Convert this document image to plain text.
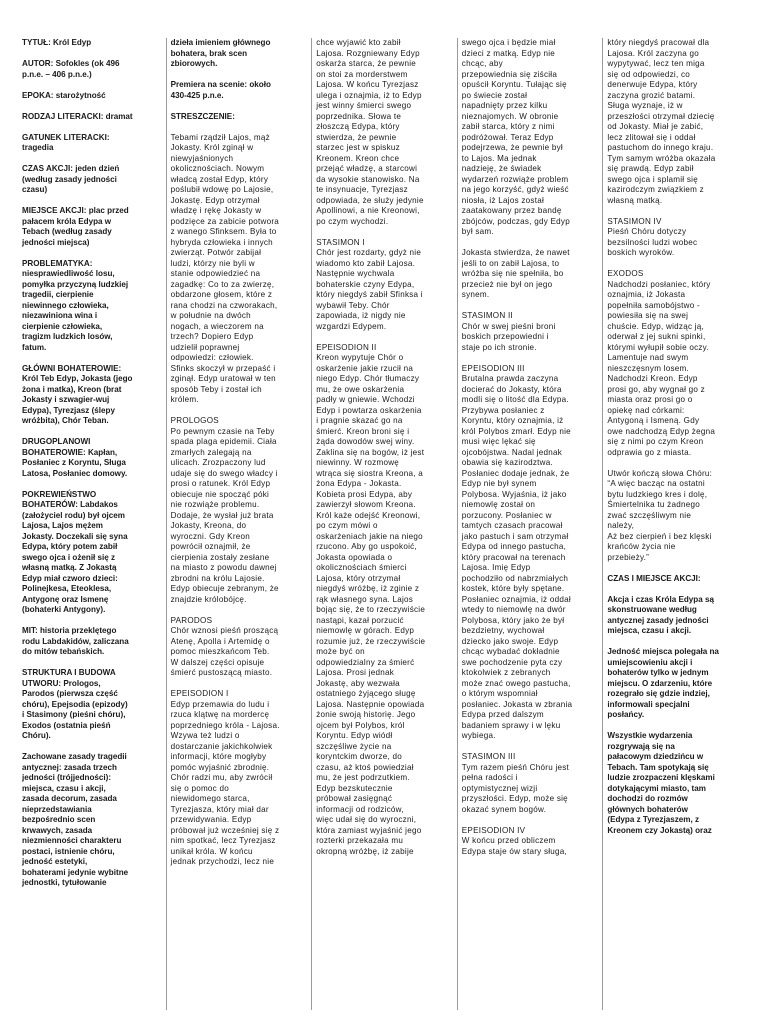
TYTUŁ: Król Edyp

AUTOR: Sofokles (ok 496
p.n.e. – 406 p.n.e.)

EPOKA: starożytność

RODZAJ LITERACKI: dramat

GATUNEK LITERACKI:
tragedia

CZAS AKCJI: jeden dzień
(według zasady jedności
czasu)

MIEJSCE AKCJI: plac przed
pałacem króla Edypa w
Tebach (według zasady
jedności miejsca)

PROBLEMATYKA:
niesprawiedliwość losu,
pomyłka przyczyną ludzkiej
tragedii, cierpienie
niewinnego człowieka,
niezawiniona wina i
cierpienie człowieka,
tragizm ludzkich losów,
fatum.

GŁÓWNI BOHATEROWIE:
Król Teb Edyp, Jokasta (jego
żona i matka), Kreon (brat
Jokasty i szwagier-wuj
Edypa), Tyrezjasz (ślepy
wróżbita), Chór Teban.

DRUGOPLANOWI
BOHATEROWIE: Kapłan,
Posłaniec z Koryntu, Sługa
Latosa, Posłaniec domowy.

POKREWIEŃSTWO
BOHATERÓW: Labdakos
(założyciel rodu) był ojcem
Lajosa, Lajos mężem
Jokasty. Doczekali się syna
Edypa, który potem zabił
swego ojca i ożenił się z
własną matką. Z Jokastą
Edyp miał czworo dzieci:
Polinejkesa, Eteoklesa,
Antygonę oraz Ismenę
(bohaterki Antygony).

MIT: historia przeklętego
rodu Labdakidów, zaliczana
do mitów tebańskich.

STRUKTURA I BUDOWA
UTWORU: Prologos,
Parodos (pierwsza część
chóru), Epejsodia (epizody)
i Stasimony (pieśni chóru),
Exodos (ostatnia pieśń
Chóru).

Zachowane zasady tragedii
antycznej: zasada trzech
jedności (trójjedności):
miejsca, czasu i akcji,
zasada decorum, zasada
nieprzedstawiania
bezpośrednio scen
krwawych, zasada
niezmienności charakteru
postaci, istnienie chóru,
jedność estetyki,
bohaterami jedynie wybitne
jednostki, tytułowanie

dzieła imieniem głównego
bohatera, brak scen
zbiorowych.

Premiera na scenie: około
430-425 p.n.e.

STRESZCZENIE:

Tebami rządził Lajos, mąż
Jokasty. Król zginął w
niewyjaśnionych
okolicznościach. Nowym
władcą został Edyp, który
poślubił wdowę po Lajosie,
Jokastę. Edyp otrzymał
władzę i rękę Jokasty w
podzięce za zabicie potwora
z wanego Sfinksem. Była to
hybryda człowieka i innych
zwierząt. Potwór zabijał
ludzi, którzy nie byli w
stanie odpowiedzieć na
zagadkę: Co to za zwierzę,
obdarzone głosem, które z
rana chodzi na czworakach,
w południe na dwóch
nogach, a wieczorem na
trzech? Dopiero Edyp
udzielił poprawnej
odpowiedzi: człowiek.
Sfinks skoczył w przepaść i
zginął. Edyp uratował w ten
sposób Teby i został ich
królem.

PROLOGOS
Po pewnym czasie na Teby
spada plaga epidemii. Ciała
zmarłych zalegają na
ulicach. Zrozpaczony lud
udaje się do swego władcy i
prosi o ratunek. Król Edyp
obiecuje nie spocząć póki
nie rozwiąże problemu.
Dodaje, że wysłał już brata
Jokasty, Kreona, do
wyroczni. Gdy Kreon
powrócił oznajmił, że
cierpienia zostały zesłane
na miasto z powodu dawnej
zbrodni na królu Lajosie.
Edyp obiecuje zebranym, że
znajdzie królobójcę.

PARODOS
Chór wznosi pieśń proszącą
Atenę, Apolla i Artemidę o
pomoc mieszkańcom Teb.
W dalszej części opisuje
śmierć pustoszącą miasto.

EPEISODION I
Edyp przemawia do ludu i
rzuca klątwę na mordercę
poprzedniego króla - Lajosa.
Wzywa też ludzi o
dostarczanie jakichkolwiek
informacji, które mogłyby
pomóc wyjaśnić zbrodnię.
Chór radzi mu, aby zwrócił
się o pomoc do
niewidomego starca,
Tyrezjasza, który miał dar
przewidywania. Edyp
próbował już wcześniej się z
nim spotkać, lecz Tyrezjasz
unikał króla. W końcu
jednak przychodzi, lecz nie

chce wyjawić kto zabił
Lajosa. Rozgniewany Edyp
oskarża starca, że pewnie
on stoi za morderstwem
Lajosa. W końcu Tyrezjasz
ulega i oznajmia, iż to Edyp
jest winny śmierci swego
poprzednika. Słowa te
złoszczą Edypa, który
stwierdza, że pewnie
starzec jest w spiskuz
Kreonem. Kreon chce
przejąć władzę, a starcowi
da wysokie stanowisko. Na
te insynuacje, Tyrezjasz
odpowiada, że służy jedynie
Apollinowi, a nie Kreonowi,
po czym wychodzi.

STASIMON I
Chór jest rozdarty, gdyż nie
wiadomo kto zabił Lajosa.
Następnie wychwala
bohaterskie czyny Edypa,
który niegdyś zabił Sfinksa i
wybawił Teby. Chór
zapowiada, iż nigdy nie
wzgardzi Edypem.

EPEISODION II
Kreon wypytuje Chór o
oskarżenie jakie rzucił na
niego Edyp. Chór tłumaczy
mu, że owe oskarżenia
padły w gniewie. Wchodzi
Edyp i powtarza oskarżenia
i pragnie skazać go na
śmierć. Kreon broni się i
żąda dowodów swej winy.
Zaklina się na bogów, iż jest
niewinny. W rozmowę
wtrąca się siostra Kreona, a
żona Edypa - Jokasta.
Kobieta prosi Edypa, aby
zawierzył słowom Kreona.
Król każe odejść Kreonowi,
po czym mówi o
oskarżeniach jakie na niego
rzucono. Aby go uspokoić,
Jokasta opowiada o
okolicznościach śmierci
Lajosa, który otrzymał
niegdyś wróżbę, iż zginie z
rąk własnego syna. Lajos
bojąc się, że to rzeczywiście
nastąpi, kazał porzucić
niemowlę w górach. Edyp
rozumie już, że rzeczywiście
może być on
odpowiedzialny za śmierć
Lajosa. Prosi jednak
Jokastę, aby wezwała
ostatniego żyjącego sługę
Lajosa. Następnie opowiada
żonie swoją historię. Jego
ojcem był Polybos, król
Koryntu. Edyp wiódł
szczęśliwe życie na
koryntckim dworze, do
czasu, aż ktoś powiedział
mu, że jest podrzutkiem.
Edyp bezskutecznie
próbował zasięgnąć
informacji od rodziców,
więc udał się do wyroczni,
która zamiast wyjaśnić jego
rozterki przekazała mu
okropną wróżbę, iż zabije

swego ojca i będzie miał
dzieci z matką. Edyp nie
chcąc, aby
przepowiednia się ziściła
opuścił Koryntu. Tułając się
po świecie został
napadnięty przez kilku
nieznajomych. W obronie
zabił starca, który z nimi
podróżował. Teraz Edyp
podejrzewa, że pewnie był
to Lajos. Ma jednak
nadzieję, że świadek
wydarzeń rozwiąże problem
na jego korzyść, gdyż wieść
niosła, iż Lajos został
zaatakowany przez bandę
zbójców, podczas, gdy Edyp
był sam.

Jokasta stwierdza, że nawet
jeśli to on zabił Lajosa, to
wróżba się nie spełniła, bo
przecież nie był on jego
synem.

STASIMON II
Chór w swej pieśni broni
boskich przepowiedni i
staje po ich stronie.

EPEISODION III
Brutalna prawda zaczyna
docierać do Jokasty, która
modli się o litość dla Edypa.
Przybywa posłaniec z
Koryntu, który oznajmia, iż
król Polybos zmarł. Edyp nie
musi więc lękać się
ojcobójstwa. Nadal jednak
obawia się kazirodztwa.
Posłaniec dodaje jednak, że
Edyp nie był synem
Polybosa. Wyjaśnia, iż jako
niemowlę został on
porzucony. Posłaniec w
tamtych czasach pracował
jako pastuch i sam otrzymał
Edypa od innego pastucha,
który pracował na terenach
Lajosa. Imię Edyp
pochodziło od nabrzmiałych
kostek, które były spętane.
Posłaniec oznajmia, iż oddał
wtedy to niemowlę na dwór
Polybosa, który jako że był
bezdzietny, wychował
dziecko jako swoje. Edyp
chcąc wybadać dokładnie
swe pochodzenie pyta czy
ktokolwiek z zebranych
może znać owego pastucha,
o którym wspomniał
posłaniec. Jokasta w zbrania
Edypa przed dalszym
badaniem sprawy i w lęku
wybiega.

STASIMON III
Tym razem pieśń Chóru jest
pełna radości i
optymistycznej wizji
przyszłości. Edyp, może się
okazać synem bogów.

EPEISODION IV
W końcu przed obliczem
Edypa staje ów stary sługa,

który niegdyś pracował dla
Lajosa. Król zaczyna go
wypytywać, lecz ten miga
się od odpowiedzi, co
denerwuje Edypa, który
zaczyna grozić batami.
Sługa wyznaje, iż w
przeszłości otrzymał dziecię
od Jokasty. Miał je zabić,
lecz zlitował się i oddał
pastuchom do innego kraju.
Tym samym wróżba okazała
się prawdą. Edyp zabił
swego ojca i splamił się
kazirodczym związkiem z
własną matką.

STASIMON IV
Pieśń Chóru dotyczy
bezsilności ludzi wobec
boskich wyroków.

EXODOS
Nadchodzi posłaniec, który
oznajmia, iż Jokasta
popełniła samobójstwo -
powiesiła się na swej
chuście. Edyp, widząc ją,
oderwał z jej sukni spinki,
którymi wyłupił sobie oczy.
Lamentuje nad swym
nieszczęsnym losem.
Nadchodzi Kreon. Edyp
prosi go, aby wygnał go z
miasta oraz prosi go o
opiekę nad córkami:
Antygoną i Ismeną. Gdy
owe nadchodzą Edyp żegna
się z nimi po czym Kreon
odprawia go z miasta.

Utwór kończą słowa Chóru:
“A więc bacząc na ostatni
bytu ludzkiego kres i dolę,
Śmiertelnika tu żadnego
zwać szczęśliwym nie
należy,
Aż bez cierpień i bez klęski
krańców życia nie
przebieży.”

CZAS I MIEJSCE AKCJI:

Akcja i czas Króla Edypa są
skonstruowane według
antycznej zasady jedności
miejsca, czasu i akcji.

Jedność miejsca polegała na
umiejscowieniu akcji i
bohaterów tylko w jednym
miejscu. O zdarzeniu, które
rozegrało się gdzie indziej,
informowali specjalni
posłańcy.

Wszystkie wydarzenia
rozgrywają się na
pałacowym dziedzińcu w
Tebach. Tam spotykają się
ludzie zrozpaczeni klęskami
dotykającymi miasto, tam
dochodzi do rozmów
głównych bohaterów
(Edypa z Tyrezjaszem, z
Kreonem czy Jokastą) oraz
